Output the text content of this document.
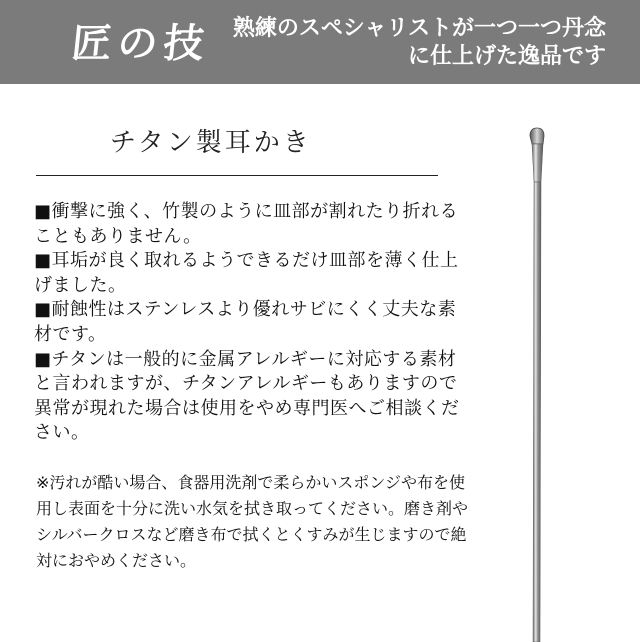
匠の技 熟練のスペシャリストが一つ一つ丹念に仕上げた逸品です
チタン製耳かき

■衝撃に強く、竹製のように皿部が割れたり折れることもありません。

■耳垢が良く取れるようできるだけ皿部を薄く仕上げました。

■耐蝕性はステンレスより優れサビにくく丈夫な素材です。

■チタンは一般的に金属アレルギーに対応する素材と言われますが、チタンアレルギーもありますので異常が現れた場合は使用をやめ専門医へご相談ください。

※汚れが酷い場合、食器用洗剤で柔らかいスポンジや布を使用し表面を十分に洗い水気を拭き取ってください。磨き剤やシルバークロスなど磨き布で拭くとくすみが生じますので絶対におやめください。
